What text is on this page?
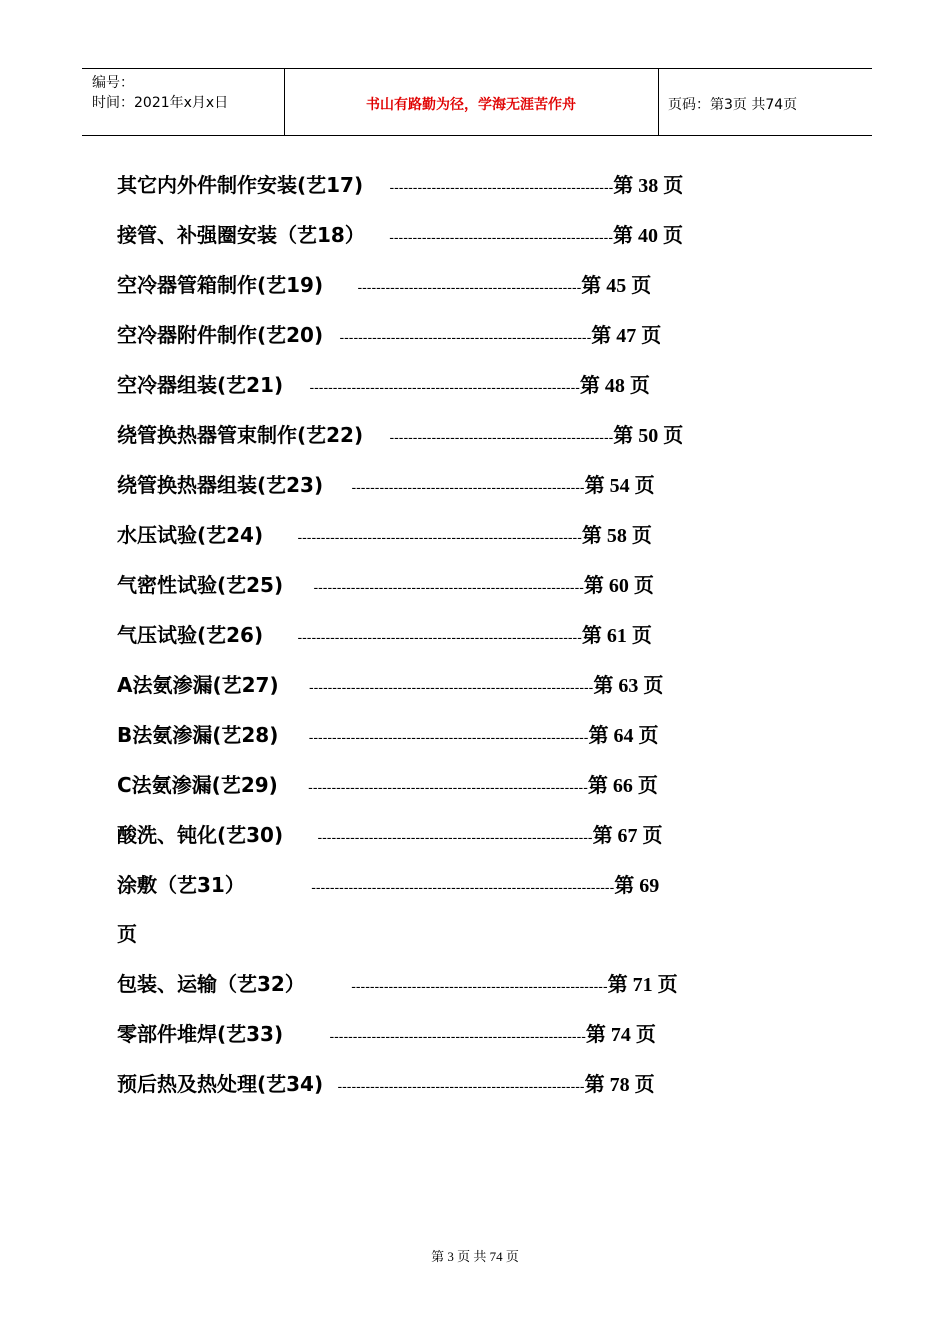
编号：
时间：2021年x月x日	书山有路勤为径，学海无涯苦作舟	页码：第3页 共74页
其它内外件制作安装(艺17) ------------------------------------------------第 38 页
接管、补强圈安装（艺18） ------------------------------------------------第 40 页
空冷器管箱制作(艺19) ------------------------------------------------第 45 页
空冷器附件制作(艺20) ------------------------------------------------------第 47 页
空冷器组装(艺21) ----------------------------------------------------------第 48 页
绕管换热器管束制作(艺22) ------------------------------------------------第 50 页
绕管换热器组装(艺23) --------------------------------------------------第 54 页
水压试验(艺24) -------------------------------------------------------------第 58 页
气密性试验(艺25) ----------------------------------------------------------第 60 页
气压试验(艺26) -------------------------------------------------------------第 61 页
A法氨渗漏(艺27) -------------------------------------------------------------第 63 页
B法氨渗漏(艺28) ------------------------------------------------------------第 64 页
C法氨渗漏(艺29) ------------------------------------------------------------第 66 页
酸洗、钝化(艺30) -----------------------------------------------------------第 67 页
涂敷（艺31）	-----------------------------------------------------------------第 69
页
包装、运输（艺32）	-------------------------------------------------------第 71 页
零部件堆焊(艺33)	-------------------------------------------------------第 74 页
预后热及热处理(艺34) -----------------------------------------------------第 78 页
第 3 页 共 74 页
